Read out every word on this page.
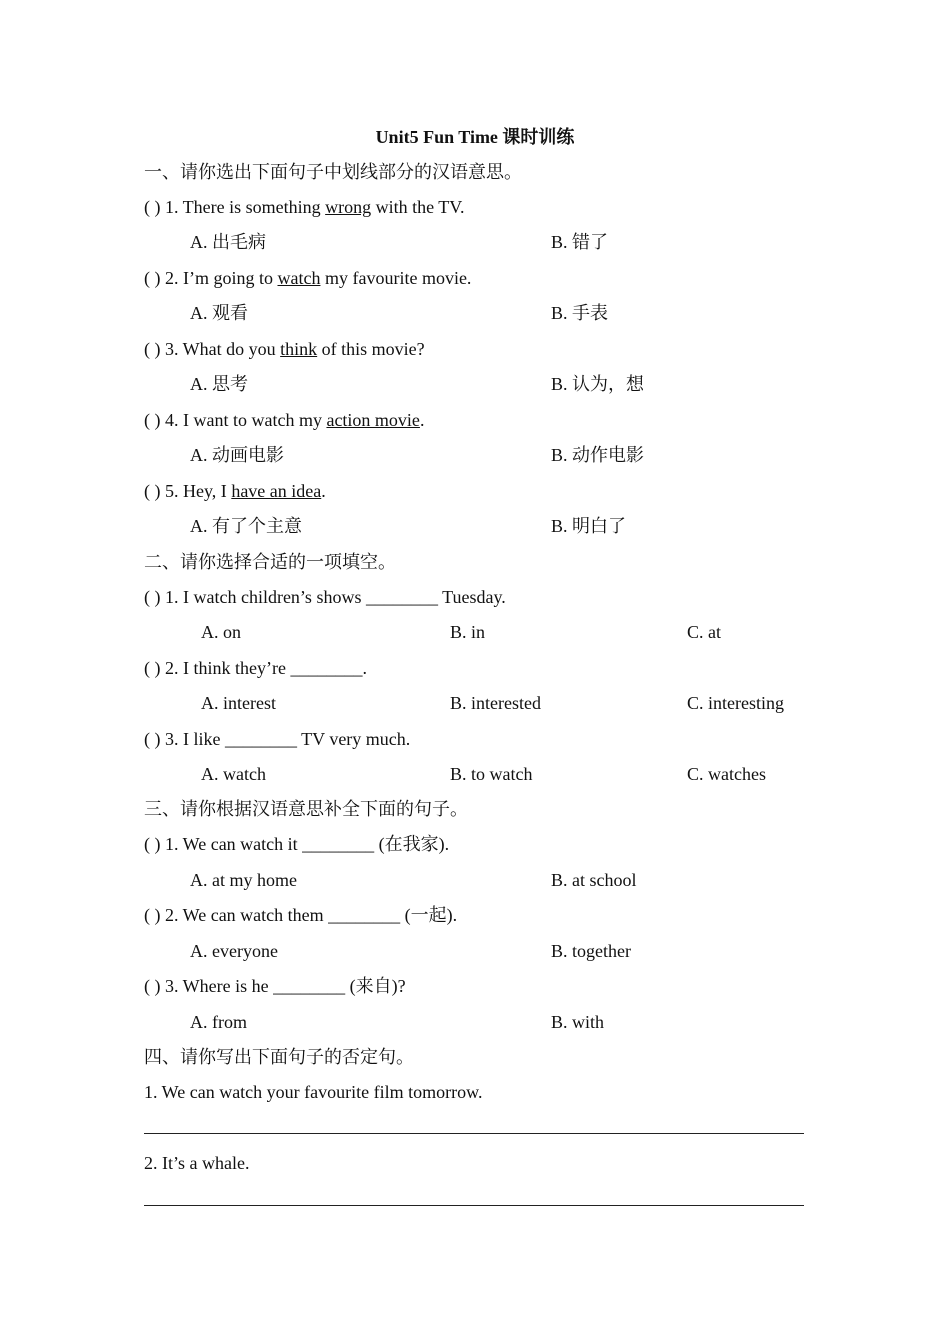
Unit5 Fun Time 课时训练
一、请你选出下面句子中划线部分的汉语意思。
( ) 1. There is something wrong with the TV.
A. 出毛病	B. 错了
( ) 2. I’m going to watch my favourite movie.
A. 观看	B. 手表
( ) 3. What do you think of this movie?
A. 思考	B. 认为，想
( ) 4. I want to watch my action movie.
A. 动画电影	B. 动作电影
( ) 5. Hey, I have an idea.
A. 有了个主意	B. 明白了
二、请你选择合适的一项填空。
( ) 1. I watch children’s shows ________ Tuesday.
A. on	B. in	C. at
( ) 2. I think they’re ________.
A. interest	B. interested	C. interesting
( ) 3. I like ________ TV very much.
A. watch	B. to watch	C. watches
三、请你根据汉语意思补全下面的句子。
( ) 1. We can watch it ________ (在我家).
A. at my home	B. at school
( ) 2. We can watch them ________ (一起).
A. everyone	B. together
( ) 3. Where is he ________ (来自)?
A. from	B. with
四、请你写出下面句子的否定句。
1. We can watch your favourite film tomorrow.
2. It’s a whale.
